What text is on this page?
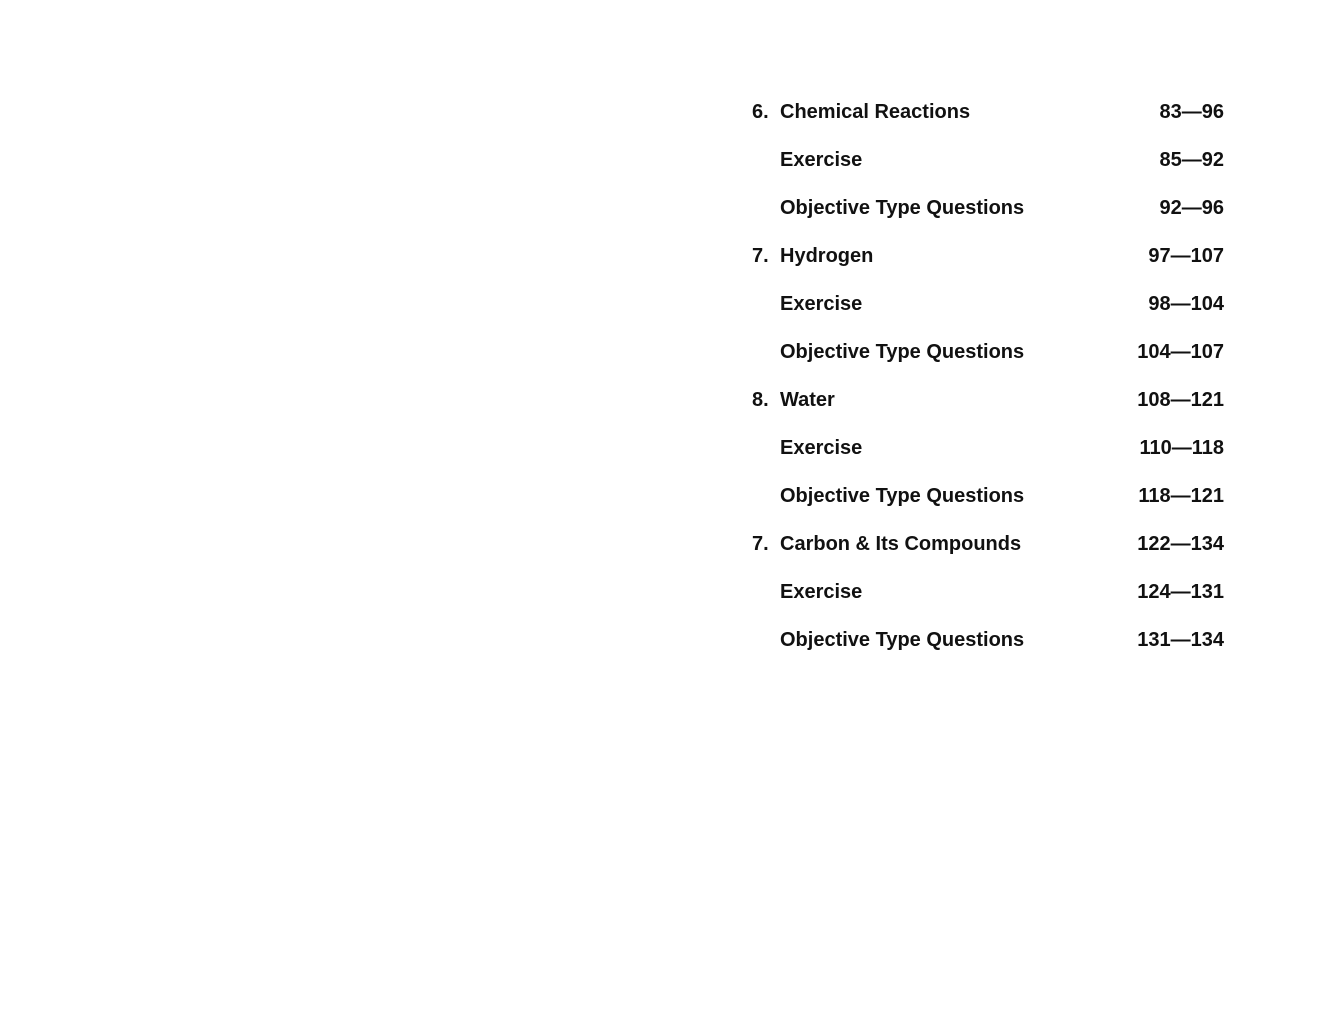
6. Chemical Reactions	83—96
Exercise	85—92
Objective Type Questions	92—96
7. Hydrogen	97—107
Exercise	98—104
Objective Type Questions	104—107
8. Water	108—121
Exercise	110—118
Objective Type Questions	118—121
7. Carbon & Its Compounds	122—134
Exercise	124—131
Objective Type Questions	131—134
